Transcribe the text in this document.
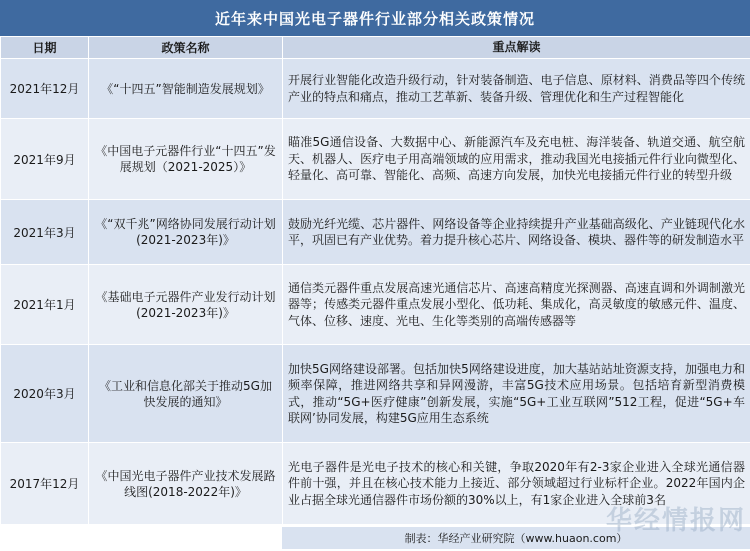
近年来中国光电子器件行业部分相关政策情况
日期	政策名称	重点解读
2021年12月	《“十四五”智能制造发展规划》	开展行业智能化改造升级行动，针对装备制造、电子信息、原材料、消费品等四个传统产业的特点和痛点，推动工艺革新、装备升级、管理优化和生产过程智能化
2021年9月	《中国电子元器件行业“十四五”发展规划（2021-2025）》	瞄准5G通信设备、大数据中心、新能源汽车及充电桩、海洋装备、轨道交通、航空航天、机器人、医疗电子用高端领域的应用需求，推动我国光电接插元件行业向微型化、轻量化、高可靠、智能化、高频、高速方向发展，加快光电接插元件行业的转型升级
2021年3月	《“双千兆”网络协同发展行动计划(2021-2023年)》	鼓励光纤光缆、芯片器件、网络设备等企业持续提升产业基础高级化、产业链现代化水平，巩固已有产业优势。着力提升核心芯片、网络设备、模块、器件等的研发制造水平
2021年1月	《基础电子元器件产业发行动计划(2021-2023年)》	通信类元器件重点发展高速光通信芯片、高速高精度光探测器、高速直调和外调制激光器等；传感类元器件重点发展小型化、低功耗、集成化，高灵敏度的敏感元件、温度、气体、位移、速度、光电、生化等类别的高端传感器等
2020年3月	《工业和信息化部关于推动5G加快发展的通知》	加快5G网络建设部署。包括加快5网络建设进度，加大基站站址资源支持，加强电力和频率保障，推进网络共享和异网漫游，丰富5G技术应用场景。包括培育新型消费模式，推动“5G+医疗健康”创新发展，实施“5G+工业互联网”512工程，促进“5G+车联网’协同发展，构建5G应用生态系统
2017年12月	《中国光电子器件产业技术发展路线图(2018-2022年)》	光电子器件是光电子技术的核心和关键，争取2020年有2-3家企业进入全球光通信器件前十强，并且在核心技术能力上接近、部分领域超过行业标杆企业。2022年国内企业占据全球光通信器件市场份额的30%以上，有1家企业进入全球前3名
制表：华经产业研究院（www.huaon.com）
华经情报网
